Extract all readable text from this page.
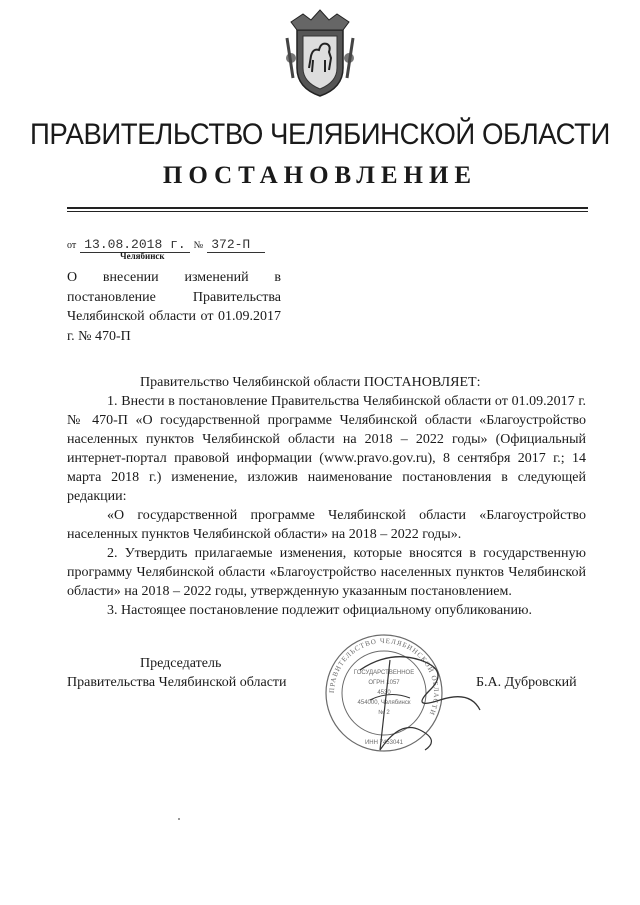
ПРАВИТЕЛЬСТВО ЧЕЛЯБИНСКОЙ ОБЛАСТИ
ПОСТАНОВЛЕНИЕ
от 13.08.2018 г. № 372-П
Челябинск
О внесении изменений в постановление Правительства Челябинской области от 01.09.2017 г. № 470-П
Правительство Челябинской области ПОСТАНОВЛЯЕТ:
1. Внести в постановление Правительства Челябинской области от 01.09.2017 г. № 470-П «О государственной программе Челябинской области «Благоустройство населенных пунктов Челябинской области на 2018 – 2022 годы» (Официальный интернет-портал правовой информации (www.pravo.gov.ru), 8 сентября 2017 г.; 14 марта 2018 г.) изменение, изложив наименование постановления в следующей редакции:
«О государственной программе Челябинской области «Благоустройство населенных пунктов Челябинской области» на 2018 – 2022 годы».
2. Утвердить прилагаемые изменения, которые вносятся в государственную программу Челябинской области «Благоустройство населенных пунктов Челябинской области» на 2018 – 2022 годы, утвержденную указанным постановлением.
3. Настоящее постановление подлежит официальному опубликованию.
Председатель
Правительства Челябинской области	Б.А. Дубровский
ПРАВИТЕЛЬСТВО ЧЕЛЯБИНСКОЙ ОБЛАСТИ
ГОСУДАРСТВЕННОЕ
ОГРН 1057
4530
454000, Челябинск
№ 2
ИНН 7453041
